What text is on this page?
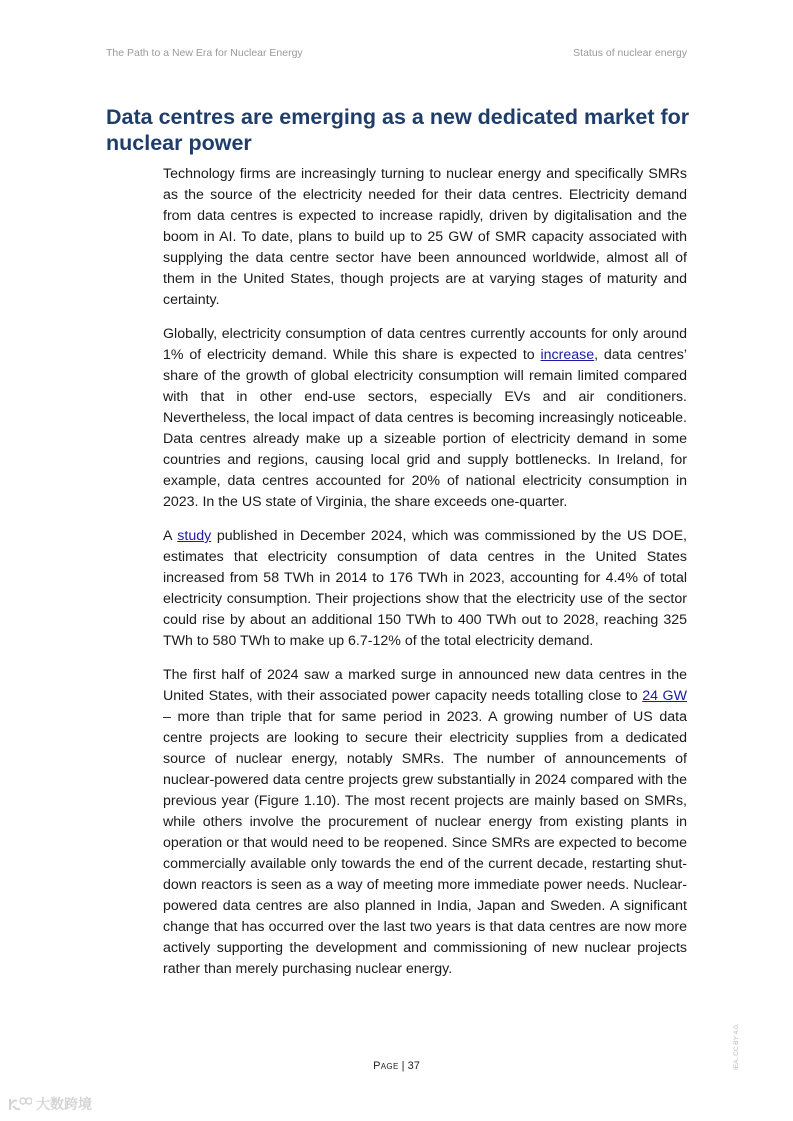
The Path to a New Era for Nuclear Energy	Status of nuclear energy
Data centres are emerging as a new dedicated market for nuclear power

Technology firms are increasingly turning to nuclear energy and specifically SMRs as the source of the electricity needed for their data centres. Electricity demand from data centres is expected to increase rapidly, driven by digitalisation and the boom in AI. To date, plans to build up to 25 GW of SMR capacity associated with supplying the data centre sector have been announced worldwide, almost all of them in the United States, though projects are at varying stages of maturity and certainty.

Globally, electricity consumption of data centres currently accounts for only around 1% of electricity demand. While this share is expected to increase, data centres’ share of the growth of global electricity consumption will remain limited compared with that in other end-use sectors, especially EVs and air conditioners. Nevertheless, the local impact of data centres is becoming increasingly noticeable. Data centres already make up a sizeable portion of electricity demand in some countries and regions, causing local grid and supply bottlenecks. In Ireland, for example, data centres accounted for 20% of national electricity consumption in 2023. In the US state of Virginia, the share exceeds one-quarter.

A study published in December 2024, which was commissioned by the US DOE, estimates that electricity consumption of data centres in the United States increased from 58 TWh in 2014 to 176 TWh in 2023, accounting for 4.4% of total electricity consumption. Their projections show that the electricity use of the sector could rise by about an additional 150 TWh to 400 TWh out to 2028, reaching 325 TWh to 580 TWh to make up 6.7-12% of the total electricity demand.

The first half of 2024 saw a marked surge in announced new data centres in the United States, with their associated power capacity needs totalling close to 24 GW – more than triple that for same period in 2023. A growing number of US data centre projects are looking to secure their electricity supplies from a dedicated source of nuclear energy, notably SMRs. The number of announcements of nuclear-powered data centre projects grew substantially in 2024 compared with the previous year (Figure 1.10). The most recent projects are mainly based on SMRs, while others involve the procurement of nuclear energy from existing plants in operation or that would need to be reopened. Since SMRs are expected to become commercially available only towards the end of the current decade, restarting shut-down reactors is seen as a way of meeting more immediate power needs. Nuclear-powered data centres are also planned in India, Japan and Sweden. A significant change that has occurred over the last two years is that data centres are now more actively supporting the development and commissioning of new nuclear projects rather than merely purchasing nuclear energy.

Page | 37	IEA. CC BY 4.0.
大数跨境
